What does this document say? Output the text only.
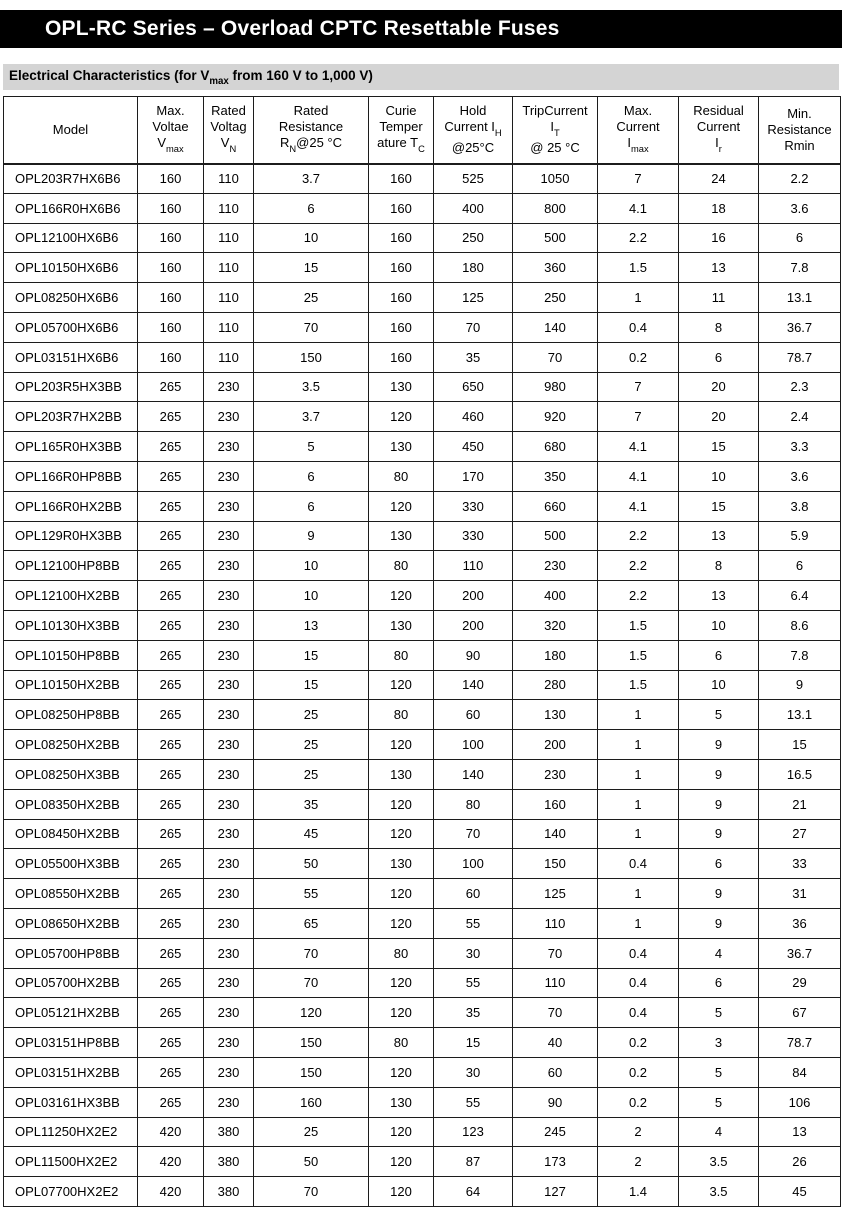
OPL-RC Series – Overload CPTC Resettable Fuses
Electrical Characteristics (for $V_{max}$ from 160 V to 1,000 V)
Model

Max.
Voltae
$V_{max}$

Rated
Voltag
$V_N$

Rated
Resistance
$R_N@25$ °C

Curie
Temper
ature $T_C$

Hold
Current $I_H$
@25°C

TripCurrent
$I_T$
@ 25 °C

Max.
Current
$I_{max}$

Residual
Current
$I_r$

Min.
Resistance
Rmin

OPL203R7HX6B6	160	110	3.7	160	525	1050	7	24	2.2
OPL166R0HX6B6	160	110	6	160	400	800	4.1	18	3.6
OPL12100HX6B6	160	110	10	160	250	500	2.2	16	6
OPL10150HX6B6	160	110	15	160	180	360	1.5	13	7.8
OPL08250HX6B6	160	110	25	160	125	250	1	11	13.1
OPL05700HX6B6	160	110	70	160	70	140	0.4	8	36.7
OPL03151HX6B6	160	110	150	160	35	70	0.2	6	78.7
OPL203R5HX3BB	265	230	3.5	130	650	980	7	20	2.3
OPL203R7HX2BB	265	230	3.7	120	460	920	7	20	2.4
OPL165R0HX3BB	265	230	5	130	450	680	4.1	15	3.3
OPL166R0HP8BB	265	230	6	80	170	350	4.1	10	3.6
OPL166R0HX2BB	265	230	6	120	330	660	4.1	15	3.8
OPL129R0HX3BB	265	230	9	130	330	500	2.2	13	5.9
OPL12100HP8BB	265	230	10	80	110	230	2.2	8	6
OPL12100HX2BB	265	230	10	120	200	400	2.2	13	6.4
OPL10130HX3BB	265	230	13	130	200	320	1.5	10	8.6
OPL10150HP8BB	265	230	15	80	90	180	1.5	6	7.8
OPL10150HX2BB	265	230	15	120	140	280	1.5	10	9
OPL08250HP8BB	265	230	25	80	60	130	1	5	13.1
OPL08250HX2BB	265	230	25	120	100	200	1	9	15
OPL08250HX3BB	265	230	25	130	140	230	1	9	16.5
OPL08350HX2BB	265	230	35	120	80	160	1	9	21
OPL08450HX2BB	265	230	45	120	70	140	1	9	27
OPL05500HX3BB	265	230	50	130	100	150	0.4	6	33
OPL08550HX2BB	265	230	55	120	60	125	1	9	31
OPL08650HX2BB	265	230	65	120	55	110	1	9	36
OPL05700HP8BB	265	230	70	80	30	70	0.4	4	36.7
OPL05700HX2BB	265	230	70	120	55	110	0.4	6	29
OPL05121HX2BB	265	230	120	120	35	70	0.4	5	67
OPL03151HP8BB	265	230	150	80	15	40	0.2	3	78.7
OPL03151HX2BB	265	230	150	120	30	60	0.2	5	84
OPL03161HX3BB	265	230	160	130	55	90	0.2	5	106
OPL11250HX2E2	420	380	25	120	123	245	2	4	13
OPL11500HX2E2	420	380	50	120	87	173	2	3.5	26
OPL07700HX2E2	420	380	70	120	64	127	1.4	3.5	45
